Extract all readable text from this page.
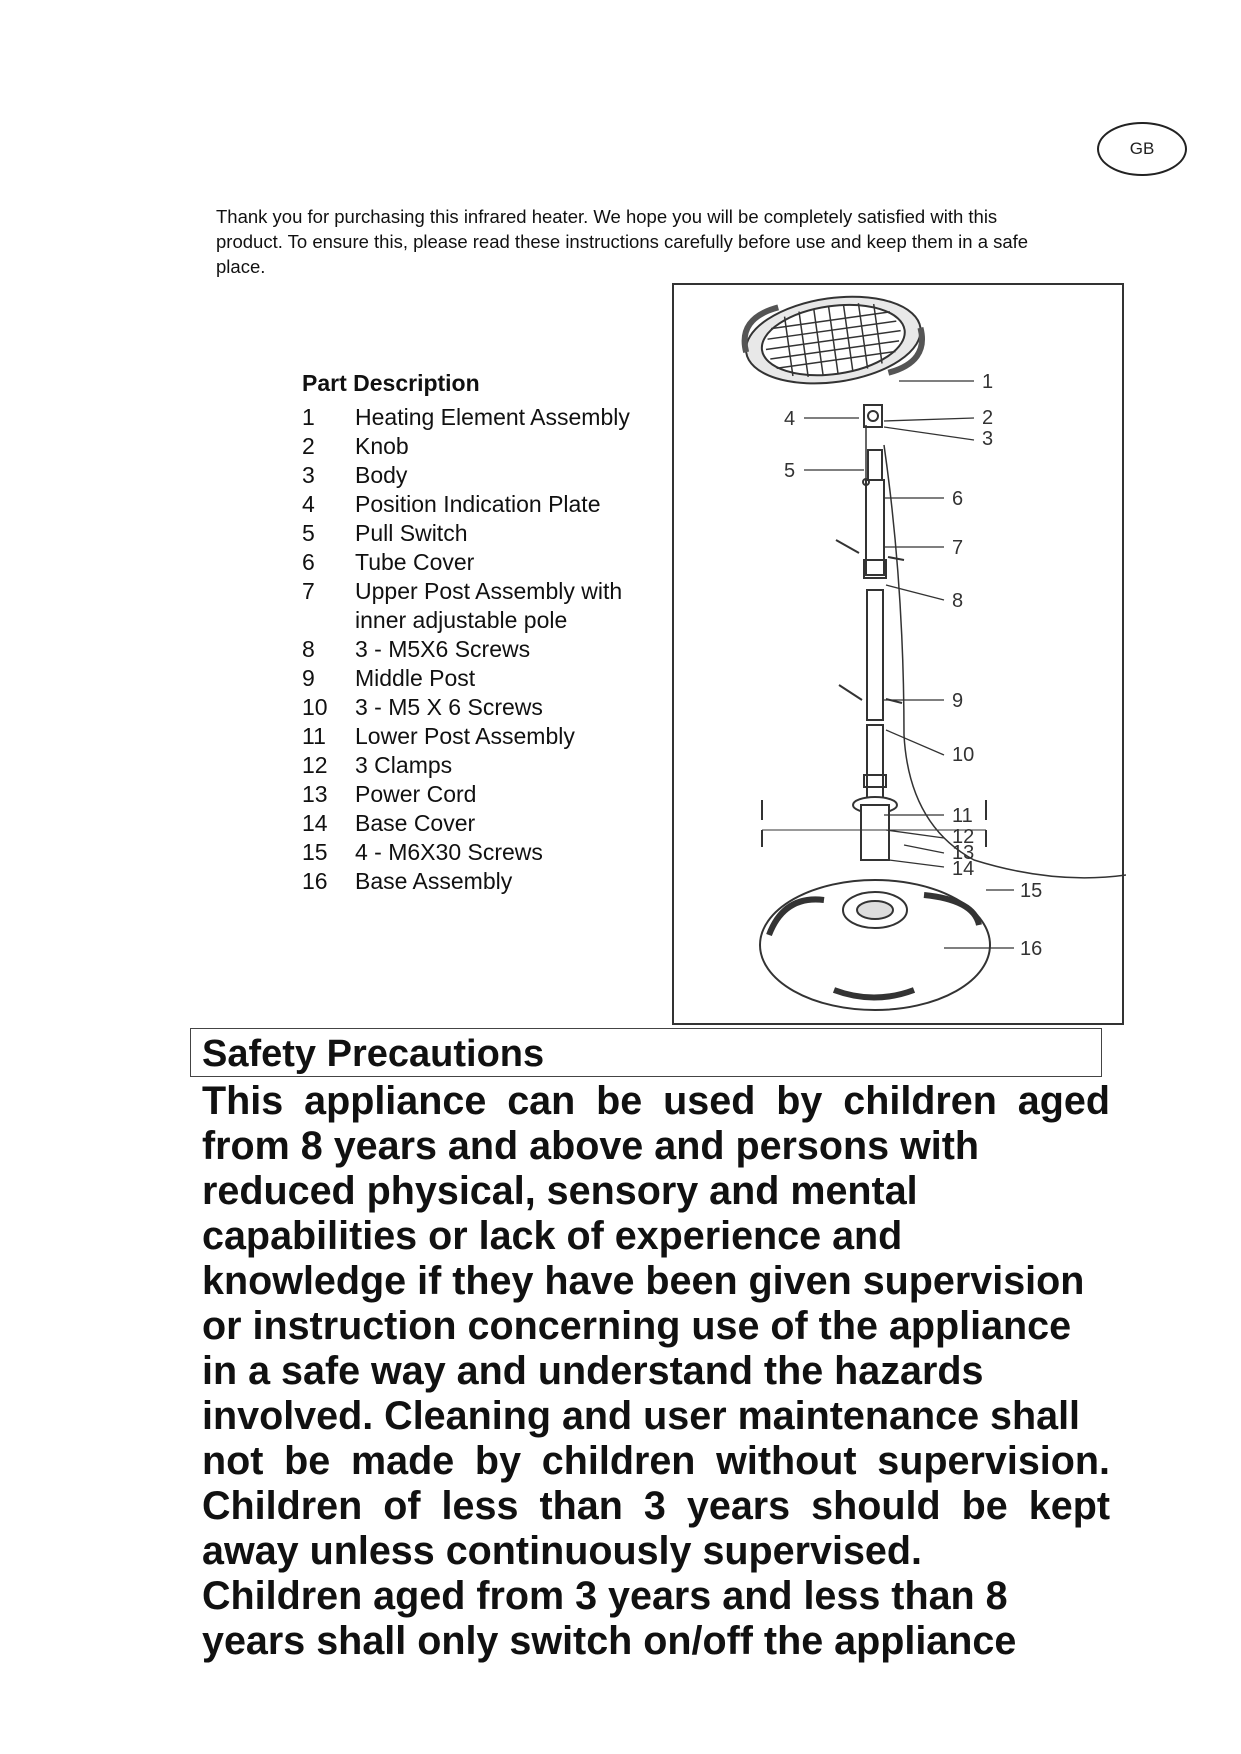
GB
Thank you for purchasing this infrared heater. We hope you will be completely satisfied with this
product. To ensure this, please read these instructions carefully before use and keep them in a safe
place.
Part Description
1	Heating Element Assembly
2	Knob
3	Body
4	Position Indication Plate
5	Pull Switch
6	Tube Cover
7	Upper Post Assembly with
inner adjustable pole
8	3 - M5X6 Screws
9	Middle Post
10	3 - M5 X 6 Screws
11	Lower Post Assembly
12	3 Clamps
13	Power Cord
14	Base Cover
15	4 - M6X30 Screws
16	Base Assembly
1
2
3
4
5
6
7
8
9
10
11
12
13
14
15
16
Safety Precautions
This appliance can be used by children aged
from 8 years and above and persons with
reduced physical, sensory and mental
capabilities or lack of experience and
knowledge if they have been given supervision
or instruction concerning use of the appliance
in a safe way and understand the hazards
involved. Cleaning and user maintenance shall
not be made by children without supervision.
Children of less than 3 years should be kept
away unless continuously supervised.
Children aged from 3 years and less than 8
years shall only switch on/off the appliance
